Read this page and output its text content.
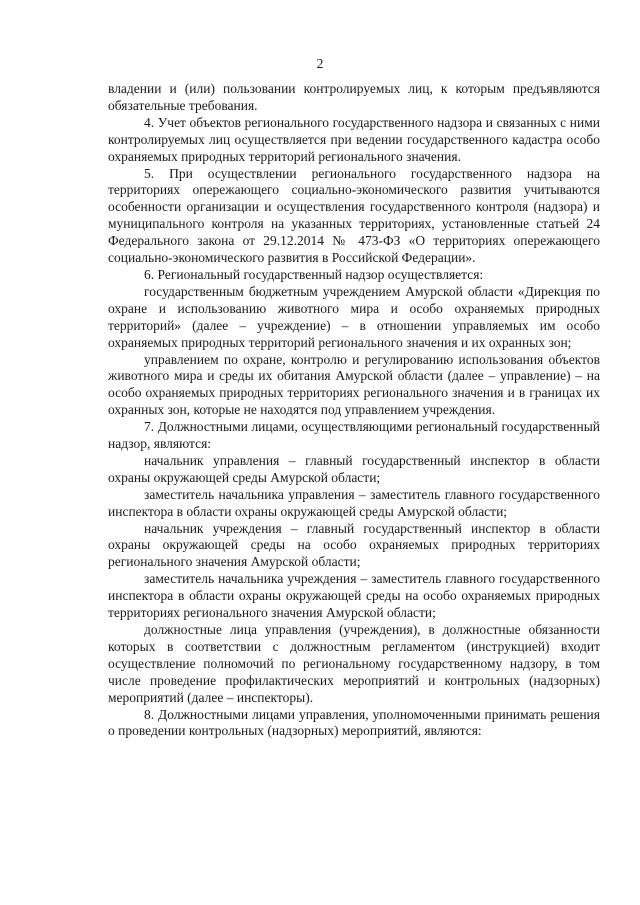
2

владении и (или) пользовании контролируемых лиц, к которым предъявляются обязательные требования.

4. Учет объектов регионального государственного надзора и связанных с ними контролируемых лиц осуществляется при ведении государственного кадастра особо охраняемых природных территорий регионального значения.

5. При осуществлении регионального государственного надзора на территориях опережающего социально-экономического развития учитываются особенности организации и осуществления государственного контроля (надзора) и муниципального контроля на указанных территориях, установленные статьей 24 Федерального закона от 29.12.2014 № 473-ФЗ «О территориях опережающего социально-экономического развития в Российской Федерации».

6. Региональный государственный надзор осуществляется:

государственным бюджетным учреждением Амурской области «Дирекция по охране и использованию животного мира и особо охраняемых природных территорий» (далее – учреждение) – в отношении управляемых им особо охраняемых природных территорий регионального значения и их охранных зон;

управлением по охране, контролю и регулированию использования объектов животного мира и среды их обитания Амурской области (далее – управление) – на особо охраняемых природных территориях регионального значения и в границах их охранных зон, которые не находятся под управлением учреждения.

7. Должностными лицами, осуществляющими региональный государственный надзор, являются:

начальник управления – главный государственный инспектор в области охраны окружающей среды Амурской области;

заместитель начальника управления – заместитель главного государственного инспектора в области охраны окружающей среды Амурской области;

начальник учреждения – главный государственный инспектор в области охраны окружающей среды на особо охраняемых природных территориях регионального значения Амурской области;

заместитель начальника учреждения – заместитель главного государственного инспектора в области охраны окружающей среды на особо охраняемых природных территориях регионального значения Амурской области;

должностные лица управления (учреждения), в должностные обязанности которых в соответствии с должностным регламентом (инструкцией) входит осуществление полномочий по региональному государственному надзору, в том числе проведение профилактических мероприятий и контрольных (надзорных) мероприятий (далее – инспекторы).

8. Должностными лицами управления, уполномоченными принимать решения о проведении контрольных (надзорных) мероприятий, являются:
